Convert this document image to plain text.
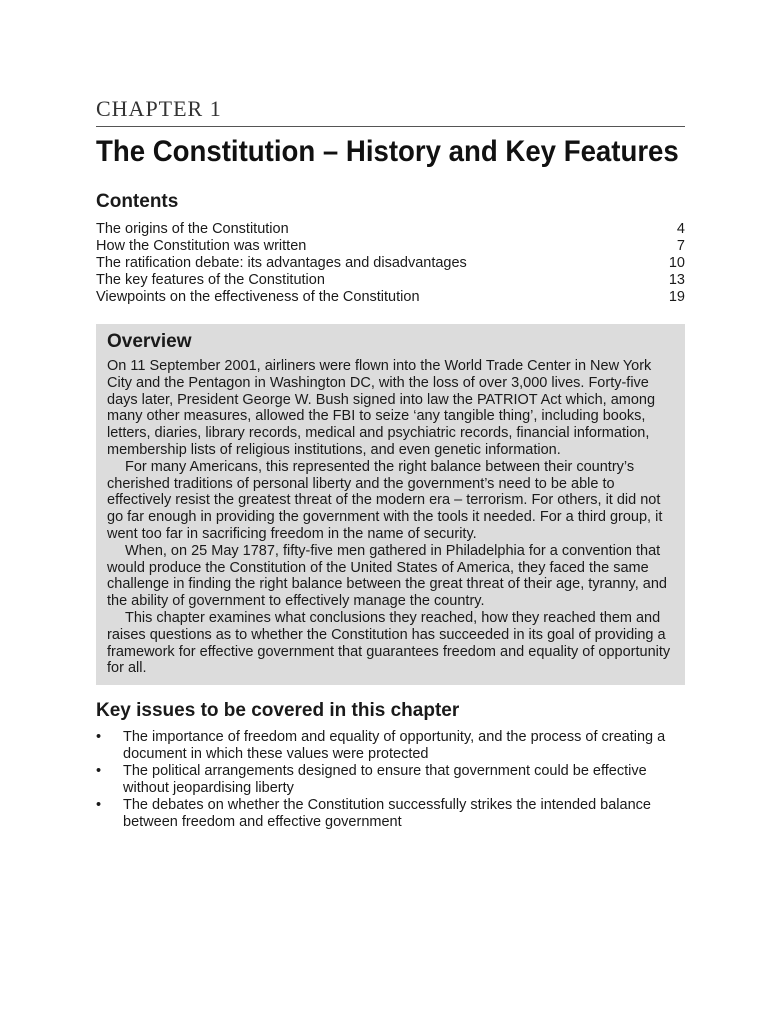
CHAPTER 1
The Constitution – History and Key Features
Contents
The origins of the Constitution	4
How the Constitution was written	7
The ratification debate: its advantages and disadvantages	10
The key features of the Constitution	13
Viewpoints on the effectiveness of the Constitution	19
Overview

On 11 September 2001, airliners were flown into the World Trade Center in New York City and the Pentagon in Washington DC, with the loss of over 3,000 lives. Forty-five days later, President George W. Bush signed into law the PATRIOT Act which, among many other measures, allowed the FBI to seize ‘any tangible thing’, including books, letters, diaries, library records, medical and psychiatric records, financial information, membership lists of religious institutions, and even genetic information.

For many Americans, this represented the right balance between their country’s cherished traditions of personal liberty and the government’s need to be able to effectively resist the greatest threat of the modern era – terrorism. For others, it did not go far enough in providing the government with the tools it needed. For a third group, it went too far in sacrificing freedom in the name of security.

When, on 25 May 1787, fifty-five men gathered in Philadelphia for a convention that would produce the Constitution of the United States of America, they faced the same challenge in finding the right balance between the great threat of their age, tyranny, and the ability of government to effectively manage the country.

This chapter examines what conclusions they reached, how they reached them and raises questions as to whether the Constitution has succeeded in its goal of providing a framework for effective government that guarantees freedom and equality of opportunity for all.

Key issues to be covered in this chapter
• The importance of freedom and equality of opportunity, and the process of creating a document in which these values were protected
• The political arrangements designed to ensure that government could be effective without jeopardising liberty
• The debates on whether the Constitution successfully strikes the intended balance between freedom and effective government
